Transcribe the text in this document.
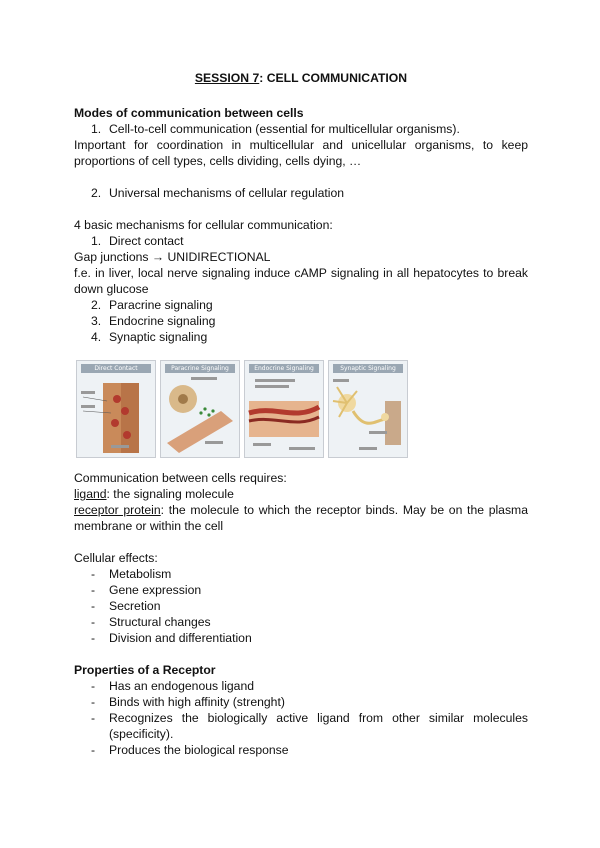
SESSION 7: CELL COMMUNICATION
Modes of communication between cells
1. Cell-to-cell communication (essential for multicellular organisms).
Important for coordination in multicellular and unicellular organisms, to keep proportions of cell types, cells dividing, cells dying, …
2. Universal mechanisms of cellular regulation
4 basic mechanisms for cellular communication:
1. Direct contact
Gap junctions → UNIDIRECTIONAL
f.e. in liver, local nerve signaling induce cAMP signaling in all hepatocytes to break down glucose
2. Paracrine signaling
3. Endocrine signaling
4. Synaptic signaling
Direct Contact	Paracrine Signaling	Endocrine Signaling	Synaptic Signaling
Communication between cells requires:
ligand: the signaling molecule
receptor protein: the molecule to which the receptor binds. May be on the plasma membrane or within the cell
Cellular effects:
- Metabolism
- Gene expression
- Secretion
- Structural changes
- Division and differentiation
Properties of a Receptor
- Has an endogenous ligand
- Binds with high affinity (strenght)
- Recognizes the biologically active ligand from other similar molecules (specificity).
- Produces the biological response
